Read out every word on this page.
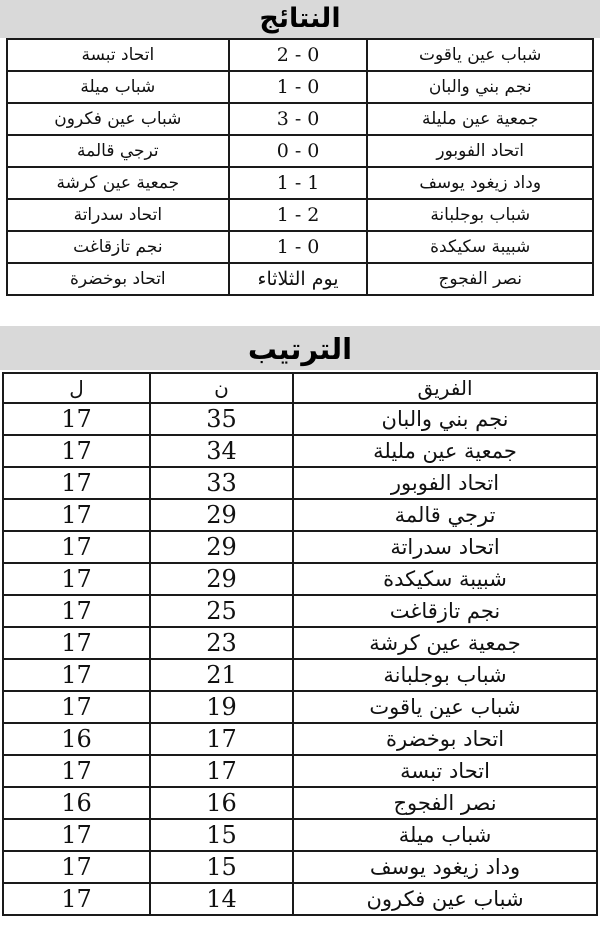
النتائج
شباب عين ياقوت	0 - 2	اتحاد تبسة
نجم بني والبان	0 - 1	شباب ميلة
جمعية عين مليلة	0 - 3	شباب عين فكرون
اتحاد الفوبور	0 - 0	ترجي قالمة
وداد زيغود يوسف	1 - 1	جمعية عين كرشة
شباب بوجلبانة	2 - 1	اتحاد سدراتة
شبيبة سكيكدة	0 - 1	نجم تازقاغت
نصر الفجوج	يوم الثلاثاء	اتحاد بوخضرة
الترتيب
الفريق	ن	ل
نجم بني والبان	35	17
جمعية عين مليلة	34	17
اتحاد الفوبور	33	17
ترجي قالمة	29	17
اتحاد سدراتة	29	17
شبيبة سكيكدة	29	17
نجم تازقاغت	25	17
جمعية عين كرشة	23	17
شباب بوجلبانة	21	17
شباب عين ياقوت	19	17
اتحاد بوخضرة	17	16
اتحاد تبسة	17	17
نصر الفجوج	16	16
شباب ميلة	15	17
وداد زيغود يوسف	15	17
شباب عين فكرون	14	17
